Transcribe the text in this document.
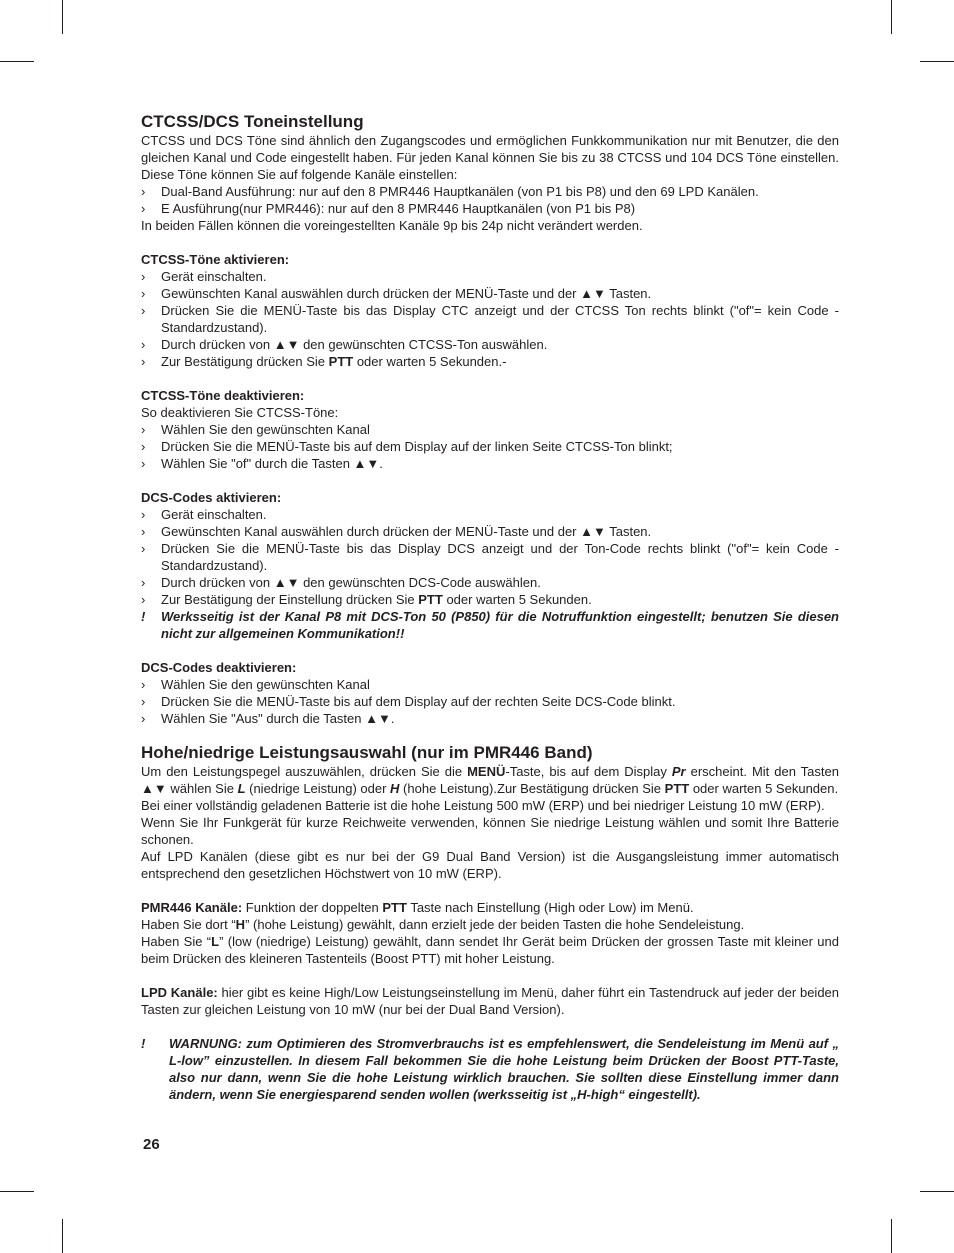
CTCSS/DCS Toneinstellung

CTCSS und DCS Töne sind ähnlich den Zugangscodes und ermöglichen Funkkommunikation nur mit Benutzer, die den gleichen Kanal und Code eingestellt haben. Für jeden Kanal können Sie bis zu 38 CTCSS und 104 DCS Töne einstellen. Diese Töne können Sie auf folgende Kanäle einstellen:

› Dual-Band Ausführung: nur auf den 8 PMR446 Hauptkanälen (von P1 bis P8) und den 69 LPD Kanälen.
› E Ausführung(nur PMR446): nur auf den 8 PMR446 Hauptkanälen (von P1 bis P8)

In beiden Fällen können die voreingestellten Kanäle 9p bis 24p nicht verändert werden.

CTCSS-Töne aktivieren:

› Gerät einschalten.
› Gewünschten Kanal auswählen durch drücken der MENÜ-Taste und der ▲▼ Tasten.
› Drücken Sie die MENÜ-Taste bis das Display CTC anzeigt und der CTCSS Ton rechts blinkt ("of"= kein Code - Standardzustand).
› Durch drücken von ▲▼ den gewünschten CTCSS-Ton auswählen.
› Zur Bestätigung drücken Sie PTT oder warten 5 Sekunden.-

CTCSS-Töne deaktivieren:

So deaktivieren Sie CTCSS-Töne:

› Wählen Sie den gewünschten Kanal
› Drücken Sie die MENÜ-Taste bis auf dem Display auf der linken Seite CTCSS-Ton blinkt;
› Wählen Sie "of" durch die Tasten ▲▼.

DCS-Codes aktivieren:

› Gerät einschalten.
› Gewünschten Kanal auswählen durch drücken der MENÜ-Taste und der ▲▼ Tasten.
› Drücken Sie die MENÜ-Taste bis das Display DCS anzeigt und der Ton-Code rechts blinkt ("of"= kein Code - Standardzustand).
› Durch drücken von ▲▼ den gewünschten DCS-Code auswählen.
› Zur Bestätigung der Einstellung drücken Sie PTT oder warten 5 Sekunden.
! Werksseitig ist der Kanal P8 mit DCS-Ton 50 (P850) für die Notruffunktion eingestellt; benutzen Sie diesen nicht zur allgemeinen Kommunikation!!

DCS-Codes deaktivieren:

› Wählen Sie den gewünschten Kanal
› Drücken Sie die MENÜ-Taste bis auf dem Display auf der rechten Seite DCS-Code blinkt.
› Wählen Sie "Aus" durch die Tasten ▲▼.
Hohe/niedrige Leistungsauswahl (nur im PMR446 Band)

Um den Leistungspegel auszuwählen, drücken Sie die MENÜ-Taste, bis auf dem Display Pr erscheint. Mit den Tasten ▲▼ wählen Sie L (niedrige Leistung) oder H (hohe Leistung).Zur Bestätigung drücken Sie PTT oder warten 5 Sekunden.

Bei einer vollständig geladenen Batterie ist die hohe Leistung 500 mW (ERP) und bei niedriger Leistung 10 mW (ERP).

Wenn Sie Ihr Funkgerät für kurze Reichweite verwenden, können Sie niedrige Leistung wählen und somit Ihre Batterie schonen.

Auf LPD Kanälen (diese gibt es nur bei der G9 Dual Band Version) ist die Ausgangsleistung immer automatisch entsprechend den gesetzlichen Höchstwert von 10 mW (ERP).

PMR446 Kanäle: Funktion der doppelten PTT Taste nach Einstellung (High oder Low) im Menü.

Haben Sie dort “H” (hohe Leistung) gewählt, dann erzielt jede der beiden Tasten die hohe Sendeleistung.

Haben Sie “L” (low (niedrige) Leistung) gewählt, dann sendet Ihr Gerät beim Drücken der grossen Taste mit kleiner und beim Drücken des kleineren Tastenteils (Boost PTT) mit hoher Leistung.

LPD Kanäle: hier gibt es keine High/Low Leistungseinstellung im Menü, daher führt ein Tastendruck auf jeder der beiden Tasten zur gleichen Leistung von 10 mW (nur bei der Dual Band Version).

! WARNUNG: zum Optimieren des Stromverbrauchs ist es empfehlenswert, die Sendeleistung im Menü auf „ L-low” einzustellen. In diesem Fall bekommen Sie die hohe Leistung beim Drücken der Boost PTT-Taste, also nur dann, wenn Sie die hohe Leistung wirklich brauchen. Sie sollten diese Einstellung immer dann ändern, wenn Sie energiesparend senden wollen (werksseitig ist „H-high“ eingestellt).

26
